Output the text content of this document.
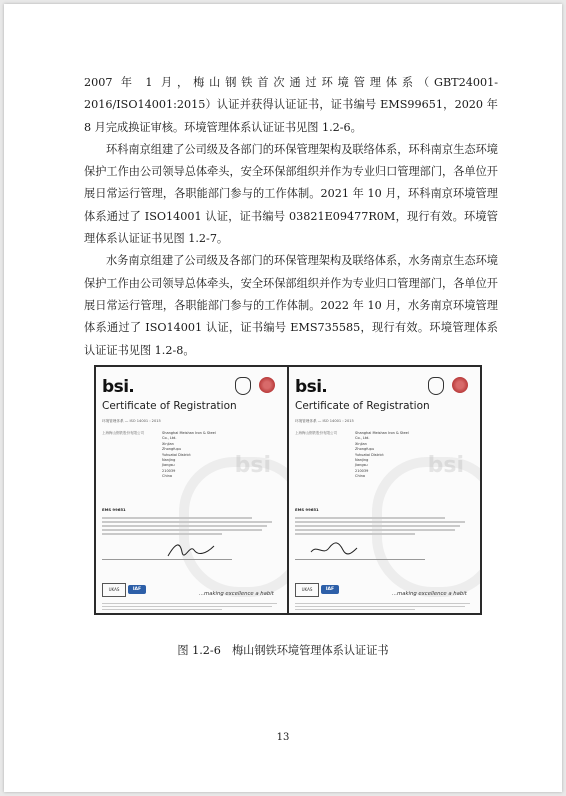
2007 年 1 月，梅山钢铁首次通过环境管理体系（GBT24001-2016/ISO14001:2015）认证并获得认证证书，证书编号 EMS99651，2020 年 8 月完成换证审核。环境管理体系认证证书见图 1.2-6。

环科南京组建了公司级及各部门的环保管理架构及联络体系，环科南京生态环境保护工作由公司领导总体牵头，安全环保部组织并作为专业归口管理部门，各单位开展日常运行管理，各职能部门参与的工作体制。2021 年 10 月，环科南京环境管理体系通过了 ISO14001 认证，证书编号 03821E09477R0M，现行有效。环境管理体系认证证书见图 1.2-7。

水务南京组建了公司级及各部门的环保管理架构及联络体系，水务南京生态环境保护工作由公司领导总体牵头，安全环保部组织并作为专业归口管理部门，各单位开展日常运行管理，各职能部门参与的工作体制。2022 年 10 月，水务南京环境管理体系通过了 ISO14001 认证，证书编号 EMS735585，现行有效。环境管理体系认证证书见图 1.2-8。

bsi
bsi
Certificate of Registration
环境管理体系 — ISO 14001 : 2015
上海梅山钢铁股份有限公司	Shanghai Meishan Iron & Steel Co., Ltd.
Xinjian
Zhongfupu
Yuhuatai District
Nanjing
Jiangsu
210039
China
EMS 99651
UKAS	IAF
...making excellence a habit
bsi
bsi
Certificate of Registration
环境管理体系 — ISO 14001 : 2015
上海梅山钢铁股份有限公司	Shanghai Meishan Iron & Steel Co., Ltd.
Xinjian
Zhongfupu
Yuhuatai District
Nanjing
Jiangsu
210039
China
EMS 99651
UKAS	IAF
...making excellence a habit
图 1.2-6　梅山钢铁环境管理体系认证证书
13
